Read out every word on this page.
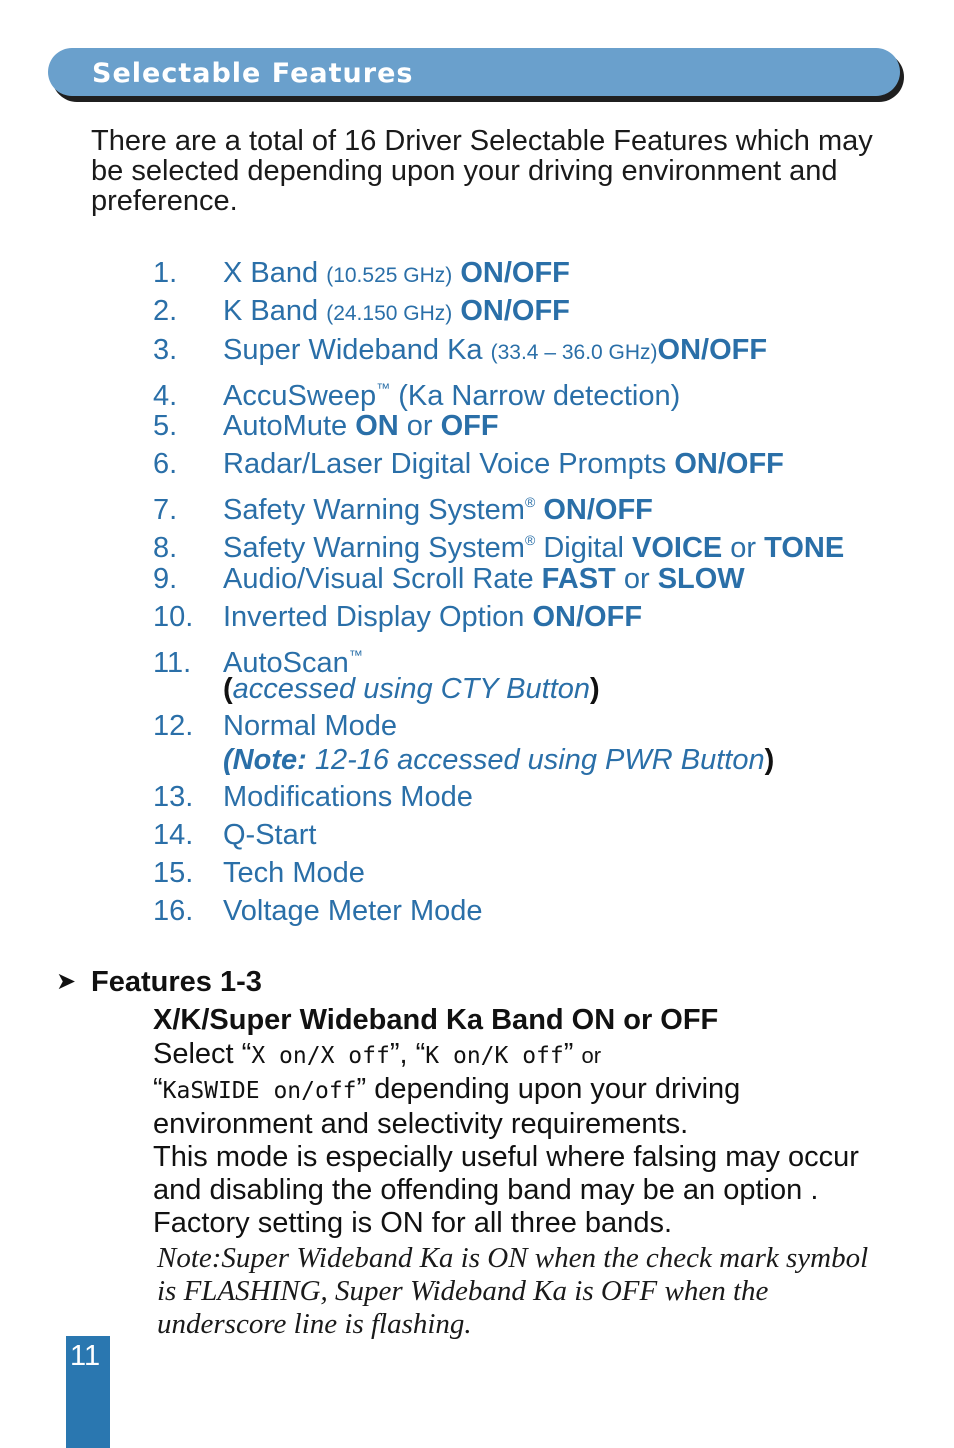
Selectable Features

There are a total of 16 Driver Selectable Features which may be selected depending upon your driving environment and preference.

1. X Band (10.525 GHz) ON/OFF
2. K Band (24.150 GHz) ON/OFF
3. Super Wideband Ka (33.4 – 36.0 GHz)ON/OFF
4. AccuSweep™ (Ka Narrow detection)
5. AutoMute ON or OFF
6. Radar/Laser Digital Voice Prompts ON/OFF
7. Safety Warning System® ON/OFF
8. Safety Warning System® Digital VOICE or TONE
9. Audio/Visual Scroll Rate FAST or SLOW
10. Inverted Display Option ON/OFF
11. AutoScan™
(accessed using CTY Button)
12. Normal Mode
(Note: 12-16 accessed using PWR Button)
13. Modifications Mode
14. Q-Start
15. Tech Mode
16. Voltage Meter Mode
➤ Features 1-3
X/K/Super Wideband Ka Band ON or OFF
Select “X on/X off”, “K on/K off” or
“KaSWIDE on/off” depending upon your driving environment and selectivity requirements.
This mode is especially useful where falsing may occur and disabling the offending band may be an option .
Factory setting is ON for all three bands.

Note:Super Wideband Ka is ON when the check mark symbol is FLASHING, Super Wideband Ka is OFF when the underscore line is flashing.

11
